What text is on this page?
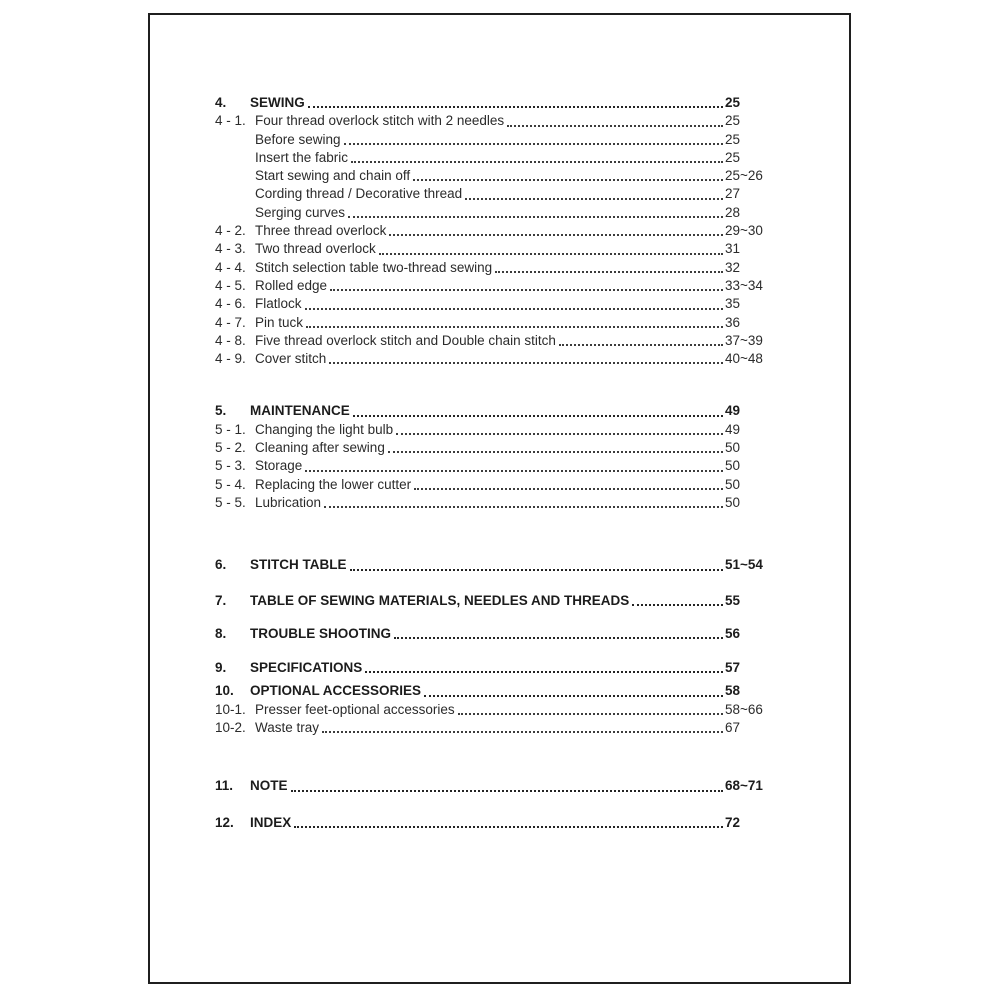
4.	SEWING	25
4 - 1. Four thread overlock stitch with 2 needles	25
Before sewing	25
Insert the fabric	25
Start sewing and chain off	25~26
Cording thread / Decorative thread	27
Serging curves	28
4 - 2. Three thread overlock	29~30
4 - 3. Two thread overlock	31
4 - 4. Stitch selection table two-thread sewing	32
4 - 5. Rolled edge	33~34
4 - 6. Flatlock	35
4 - 7. Pin tuck	36
4 - 8. Five thread overlock stitch and Double chain stitch	37~39
4 - 9. Cover stitch	40~48
5.	MAINTENANCE	49
5 - 1. Changing the light bulb	49
5 - 2. Cleaning after sewing	50
5 - 3. Storage	50
5 - 4. Replacing the lower cutter	50
5 - 5. Lubrication	50
6.	STITCH TABLE	51~54
7.	TABLE OF SEWING MATERIALS, NEEDLES AND THREADS	55
8.	TROUBLE SHOOTING	56
9.	SPECIFICATIONS	57
10.	OPTIONAL ACCESSORIES	58
10-1. Presser feet-optional accessories	58~66
10-2. Waste tray	67
11.	NOTE	68~71
12.	INDEX	72
